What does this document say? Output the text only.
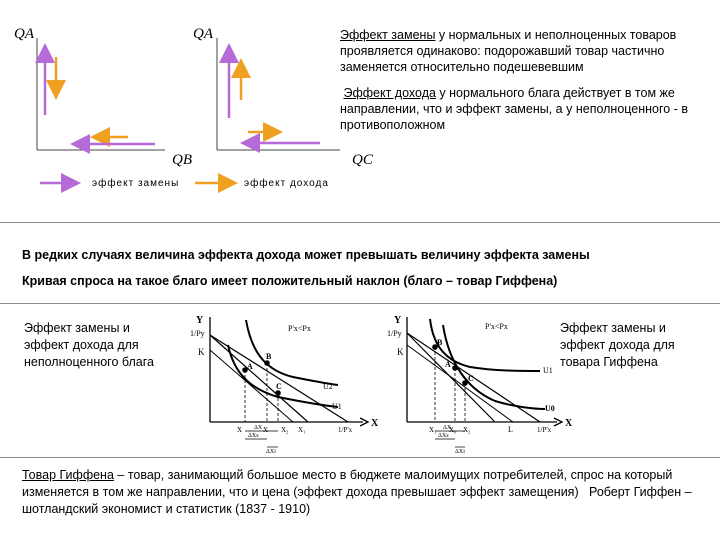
QA	QA
QB	QC
эффект замены	эффект дохода
Эффект замены у нормальных и неполноценных товаров проявляется одинаково: подорожавший товар частично заменяется относительно подешевевшим
Эффект дохода у нормального блага действует в том же направлении, что и эффект замены, а у неполноценного - в противоположном
В редких случаях величина эффекта дохода может превышать величину эффекта замены
Кривая спроса на такое благо имеет положительный наклон (благо – товар Гиффена)
Эффект замены и эффект дохода для неполноценного блага
Y
1/Py
K
P'x<Px
A
B
C	U2
U1
X
X	X X₂ X₁	1/P'x
ΔX
ΔXs
ΔXi
Y
1/Py
K
P'x<Px
B
A
C
U1
U0
X
X₁ X₀ X₂	L	1/P'x
ΔX
ΔXs
ΔXi
Эффект замены и эффект дохода для товара Гиффена
Товар Гиффена – товар, занимающий большое место в бюджете малоимущих потребителей, спрос на который изменяется в том же направлении, что и цена (эффект дохода превышает эффект замещения) Роберт Гиффен – шотландский экономист и статистик (1837 - 1910)
